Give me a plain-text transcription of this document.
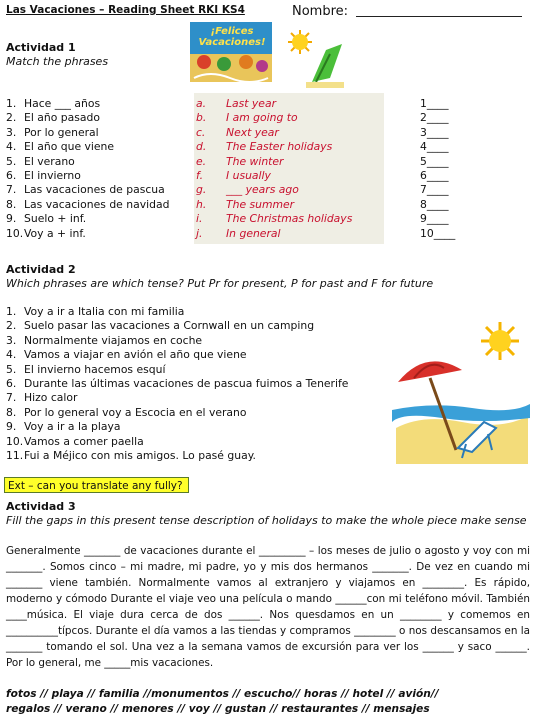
Las Vacaciones – Reading Sheet RKI KS4	Nombre:
¡Felices Vacaciones!
Actividad 1
Match the phrases
1. Hace ___ años
2. El año pasado
3. Por lo general
4. El año que viene
5. El verano
6. El invierno
7. Las vacaciones de pascua
8. Las vacaciones de navidad
9. Suelo + inf.
10.Voy a + inf.
a. Last year
b. I am going to
c. Next year
d. The Easter holidays
e. The winter
f. I usually
g. ___ years ago
h. The summer
i. The Christmas holidays
j. In general
1____
2____
3____
4____
5____
6____
7____
8____
9____
10____
Actividad 2
Which phrases are which tense? Put Pr for present, P for past and F for future
1. Voy a ir a Italia con mi familia
2. Suelo pasar las vacaciones a Cornwall en un camping
3. Normalmente viajamos en coche
4. Vamos a viajar en avión el año que viene
5. El invierno hacemos esquí
6. Durante las últimas vacaciones de pascua fuimos a Tenerife
7. Hizo calor
8. Por lo general voy a Escocia en el verano
9. Voy a ir a la playa
10.Vamos a comer paella
11.Fui a Méjico con mis amigos. Lo pasé guay.
Ext – can you translate any fully?
Actividad 3
Fill the gaps in this present tense description of holidays to make the whole piece make sense
Generalmente _______ de vacaciones durante el _________ – los meses de julio o agosto y voy con mi _______. Somos cinco – mi madre, mi padre, yo y mis dos hermanos _______. De vez en cuando mi _______ viene también. Normalmente vamos al extranjero y viajamos en ________. Es rápido, moderno y cómodo Durante el viaje veo una película o mando ______con mi teléfono móvil. También ____música. El viaje dura cerca de dos ______. Nos quesdamos en un ________ y comemos en __________típcos. Durante el día vamos a las tiendas y compramos ________ o nos descansamos en la _______ tomando el sol. Una vez a la semana vamos de excursión para ver los ______ y saco ______. Por lo general, me _____mis vacaciones.
fotos // playa // familia //monumentos // escucho// horas // hotel // avión//
regalos // verano // menores // voy // gustan // restaurantes // mensajes
